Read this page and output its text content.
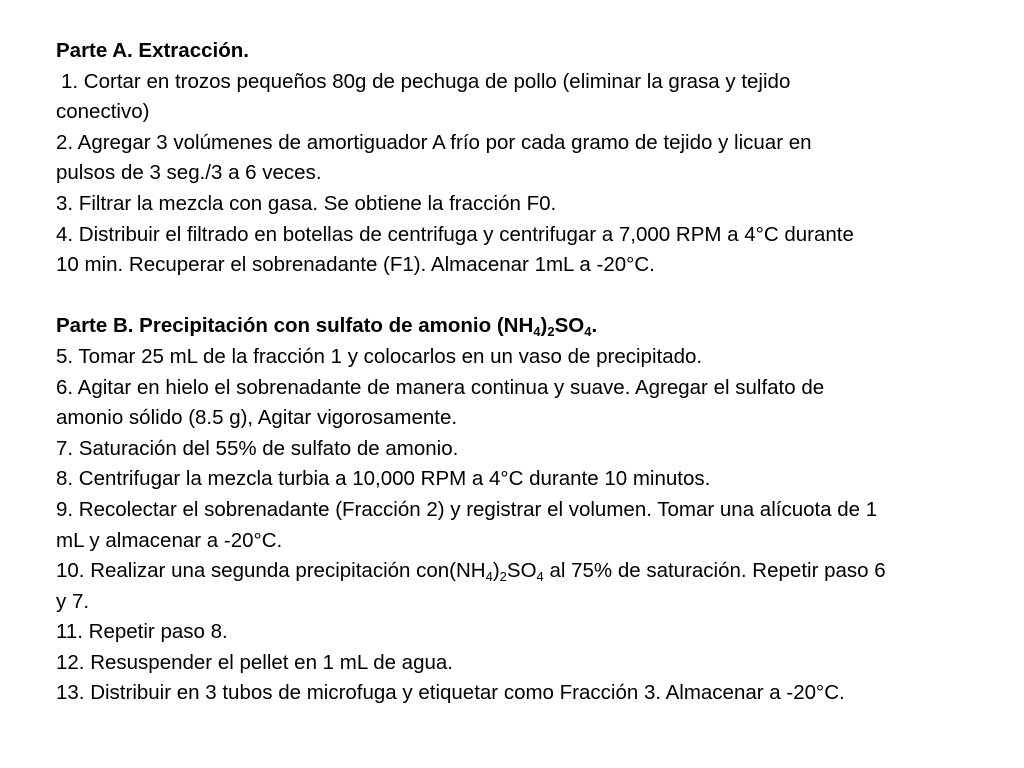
Parte A. Extracción.
1. Cortar en trozos pequeños 80g de pechuga de pollo (eliminar la grasa y tejido
conectivo)
2. Agregar 3 volúmenes de amortiguador A frío por cada gramo de tejido y licuar en
pulsos de 3 seg./3 a 6 veces.
3. Filtrar la mezcla con gasa. Se obtiene la fracción F0.
4. Distribuir el filtrado en botellas de centrifuga y centrifugar a 7,000 RPM a 4°C durante
10 min. Recuperar el sobrenadante (F1). Almacenar 1mL a -20°C.
Parte B. Precipitación con sulfato de amonio $(NH_4)_2SO_4$.
5. Tomar 25 mL de la fracción 1 y colocarlos en un vaso de precipitado.
6. Agitar en hielo el sobrenadante de manera continua y suave. Agregar el sulfato de
amonio sólido (8.5 g), Agitar vigorosamente.
7. Saturación del 55% de sulfato de amonio.
8. Centrifugar la mezcla turbia a 10,000 RPM a 4°C durante 10 minutos.
9. Recolectar el sobrenadante (Fracción 2) y registrar el volumen. Tomar una alícuota de 1
mL y almacenar a -20°C.
10. Realizar una segunda precipitación $con(NH_4)_2SO_4$ al 75% de saturación. Repetir paso 6
y 7.
11. Repetir paso 8.
12. Resuspender el pellet en 1 mL de agua.
13. Distribuir en 3 tubos de microfuga y etiquetar como Fracción 3. Almacenar a -20°C.
